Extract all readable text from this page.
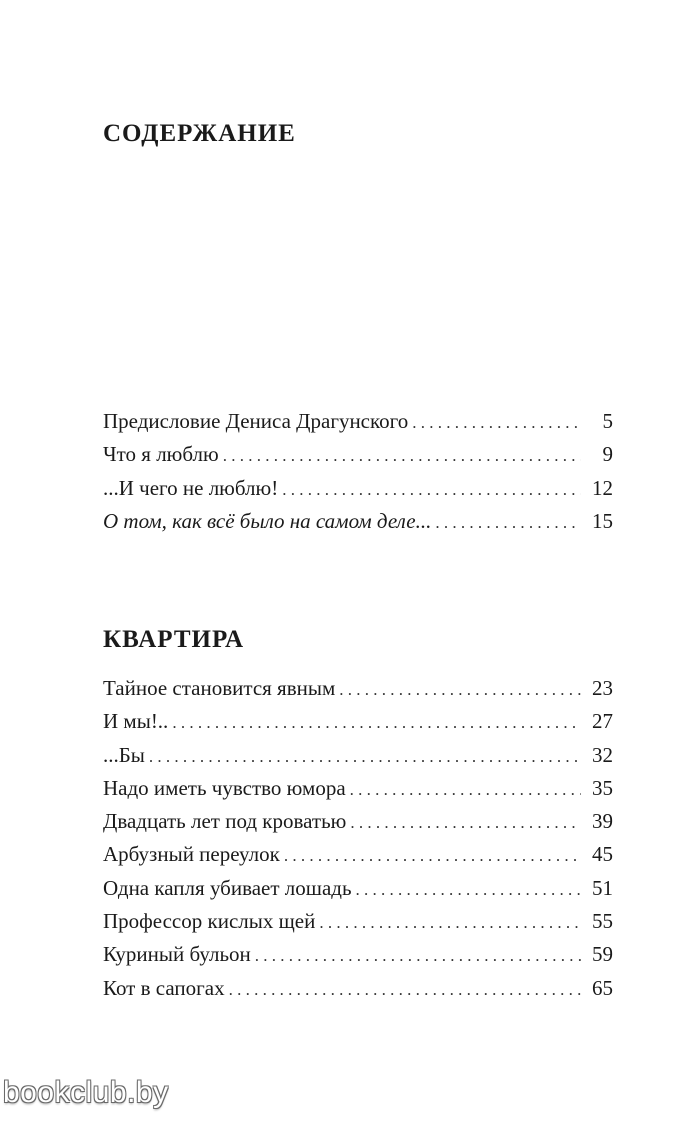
СОДЕРЖАНИЕ
Предисловие Дениса Драгунского . . .	5
Что я люблю . . .	9
...И чего не люблю! . . .	12
О том, как всё было на самом деле... . . .	15
КВАРТИРА
Тайное становится явным . . .	23
И мы!.. . . .	27
...Бы . . .	32
Надо иметь чувство юмора . . .	35
Двадцать лет под кроватью . . .	39
Арбузный переулок . . .	45
Одна капля убивает лошадь . . .	51
Профессор кислых щей . . .	55
Куриный бульон . . .	59
Кот в сапогах . . .	65
bookclub.by
